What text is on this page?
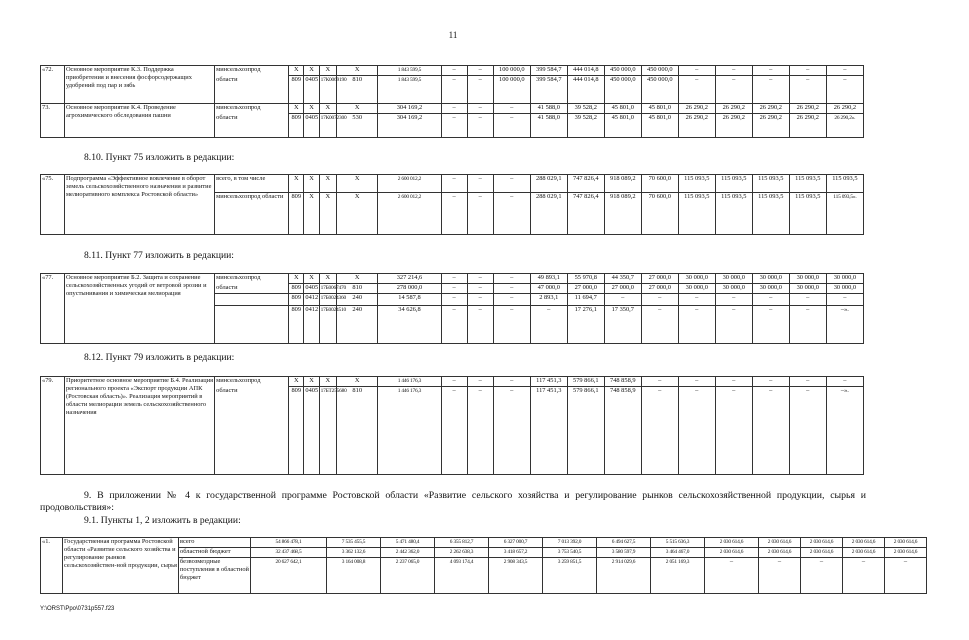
11
«72.	Основное мероприятие К.3. Поддержка приобретения и внесения фосфорсодержащих удобрений под пар и зябь	минсельхозпрод	Х	Х	Х	Х	1 843 599,5	–	–	100 000,0	399 584,7	444 014,8	450 000,0	450 000,0	–	–	–	–	–
		области	809	0405	17К0069190	810	1 843 599,5	–	–	100 000,0	399 584,7	444 014,8	450 000,0	450 000,0	–	–	–	–	–
73.	Основное мероприятие К.4. Проведение агрохимического обследования пашни	минсельхозпрод	Х	Х	Х	Х	304 169,2	–	–	–	41 588,0	39 528,2	45 801,0	45 801,0	26 290,2	26 290,2	26 290,2	26 290,2	26 290,2
		области	809	0405	17К0072300	530	304 169,2	–	–	–	41 588,0	39 528,2	45 801,0	45 801,0	26 290,2	26 290,2	26 290,2	26 290,2	26 290,2».
8.10. Пункт 75 изложить в редакции:
«75.	Подпрограмма «Эффективное вовлечение в оборот земель сельскохозяйственного назначения и развитие мелиоративного комплекса Ростовской области»	всего, в том числе	Х	Х	Х	Х	2 600 012,2	–	–	–	288 029,1	747 826,4	918 089,2	70 600,0	115 093,5	115 093,5	115 093,5	115 093,5	115 093,5
		минсельхозпрод области	809	Х	Х	Х	2 600 012,2	–	–	–	288 029,1	747 826,4	918 089,2	70 600,0	115 093,5	115 093,5	115 093,5	115 093,5	115 093,5».
8.11. Пункт 77 изложить в редакции:
«77.	Основное мероприятие Б.2. Защита и сохранение сельскохозяйственных угодий от ветровой эрозии и опустынивания и химическая мелиорация	минсельхозпрод	Х	Х	Х	Х	327 214,6	–	–	–	49 893,1	55 970,8	44 350,7	27 000,0	30 000,0	30 000,0	30 000,0	30 000,0	30 000,0
		области	809	0405	17Б0067470	810	278 000,0	–	–	–	47 000,0	27 000,0	27 000,0	27 000,0	30 000,0	30 000,0	30 000,0	30 000,0	30 000,0
			809	0412	17Б0024360	240	14 587,8	–	–	–	2 893,1	11 694,7	–	–	–	–	–	–	–
			809	0412	17Б0024510	240	34 626,8	–	–	–	–	17 276,1	17 350,7	–	–	–	–	–	–».
8.12. Пункт 79 изложить в редакции:
«79.	Приоритетное основное мероприятие Б.4. Реализация регионального проекта «Экспорт продукции АПК (Ростовская область)». Реализация мероприятий в области мелиорации земель сельскохозяйственного назначения	минсельхозпрод	Х	Х	Х	Х	1 446 176,3	–	–	–	117 451,3	579 866,1	748 858,9	–	–	–	–	–	–
		области	809	0405	17БT255680	810	1 446 176,3	–	–	–	117 451,3	579 866,1	748 858,9	–	–	–	–	–	–».
9. В приложении № 4 к государственной программе Ростовской области «Развитие сельского хозяйства и регулирование рынков сельскохозяйственной продукции, сырья и продовольствия»:
9.1. Пункты 1, 2 изложить в редакции:
«1.	Государственная программа Ростовской области «Развитие сельского хозяйства и регулирование рынков сельскохозяйствен-ной продукции, сырья	всего	54 866 478,1	7 535 455,5	5 471 480,4	6 355 812,7	6 327 000,7	7 013 392,0	6 494 627,5	5 515 636,3	2 030 614,6	2 030 614,6	2 030 614,6	2 030 614,6	2 030 614,6
		областной бюджет	32 437 468,5	3 362 132,6	2 442 362,0	2 262 638,3	3 418 657,2	3 753 540,5	3 580 597,9	3 464 467,0	2 030 614,6	2 030 614,6	2 030 614,6	2 030 614,6	2 030 614,6
		безвозмездные поступления в областной бюджет	20 627 642,1	3 164 008,8	2 237 065,0	4 093 174,4	2 908 343,5	3 259 851,5	2 914 029,6	2 051 169,3	–	–	–	–	–
Y:\ORST\Ppo\0731p557.f23
